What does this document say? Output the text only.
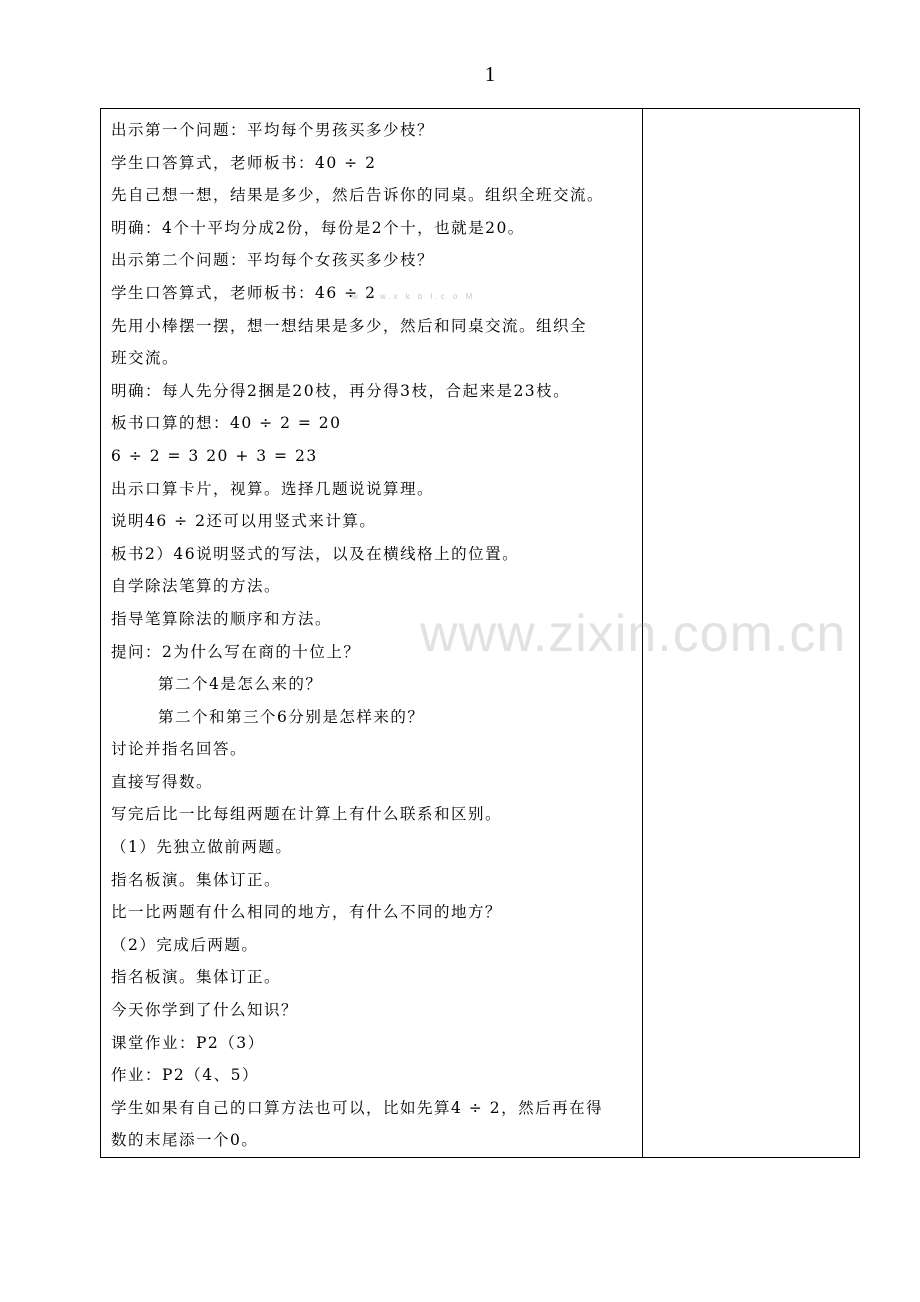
1
出示第一个问题：平均每个男孩买多少枝？
学生口答算式，老师板书：40 ÷ 2
先自己想一想，结果是多少，然后告诉你的同桌。组织全班交流。
明确：4个十平均分成2份，每份是2个十，也就是20。
出示第二个问题：平均每个女孩买多少枝？
学生口答算式，老师板书：46 ÷ 2
先用小棒摆一摆，想一想结果是多少，然后和同桌交流。组织全
班交流。
明确：每人先分得2捆是20枝，再分得3枝，合起来是23枝。
板书口算的想：40 ÷ 2 = 20
6 ÷ 2 = 3 20 + 3 = 23
出示口算卡片，视算。选择几题说说算理。
说明46 ÷ 2还可以用竖式来计算。
板书2）46说明竖式的写法，以及在横线格上的位置。
自学除法笔算的方法。
指导笔算除法的顺序和方法。
提问：2为什么写在商的十位上？
第二个4是怎么来的？
第二个和第三个6分别是怎样来的？
讨论并指名回答。
直接写得数。
写完后比一比每组两题在计算上有什么联系和区别。
（1）先独立做前两题。
指名板演。集体订正。
比一比两题有什么相同的地方，有什么不同的地方？
（2）完成后两题。
指名板演。集体订正。
今天你学到了什么知识？
课堂作业：P2（3）
作业：P2（4、5）
学生如果有自己的口算方法也可以，比如先算4 ÷ 2，然后再在得
数的末尾添一个0。

w w w.x k b l.c o M
www.zixin.com.cn
